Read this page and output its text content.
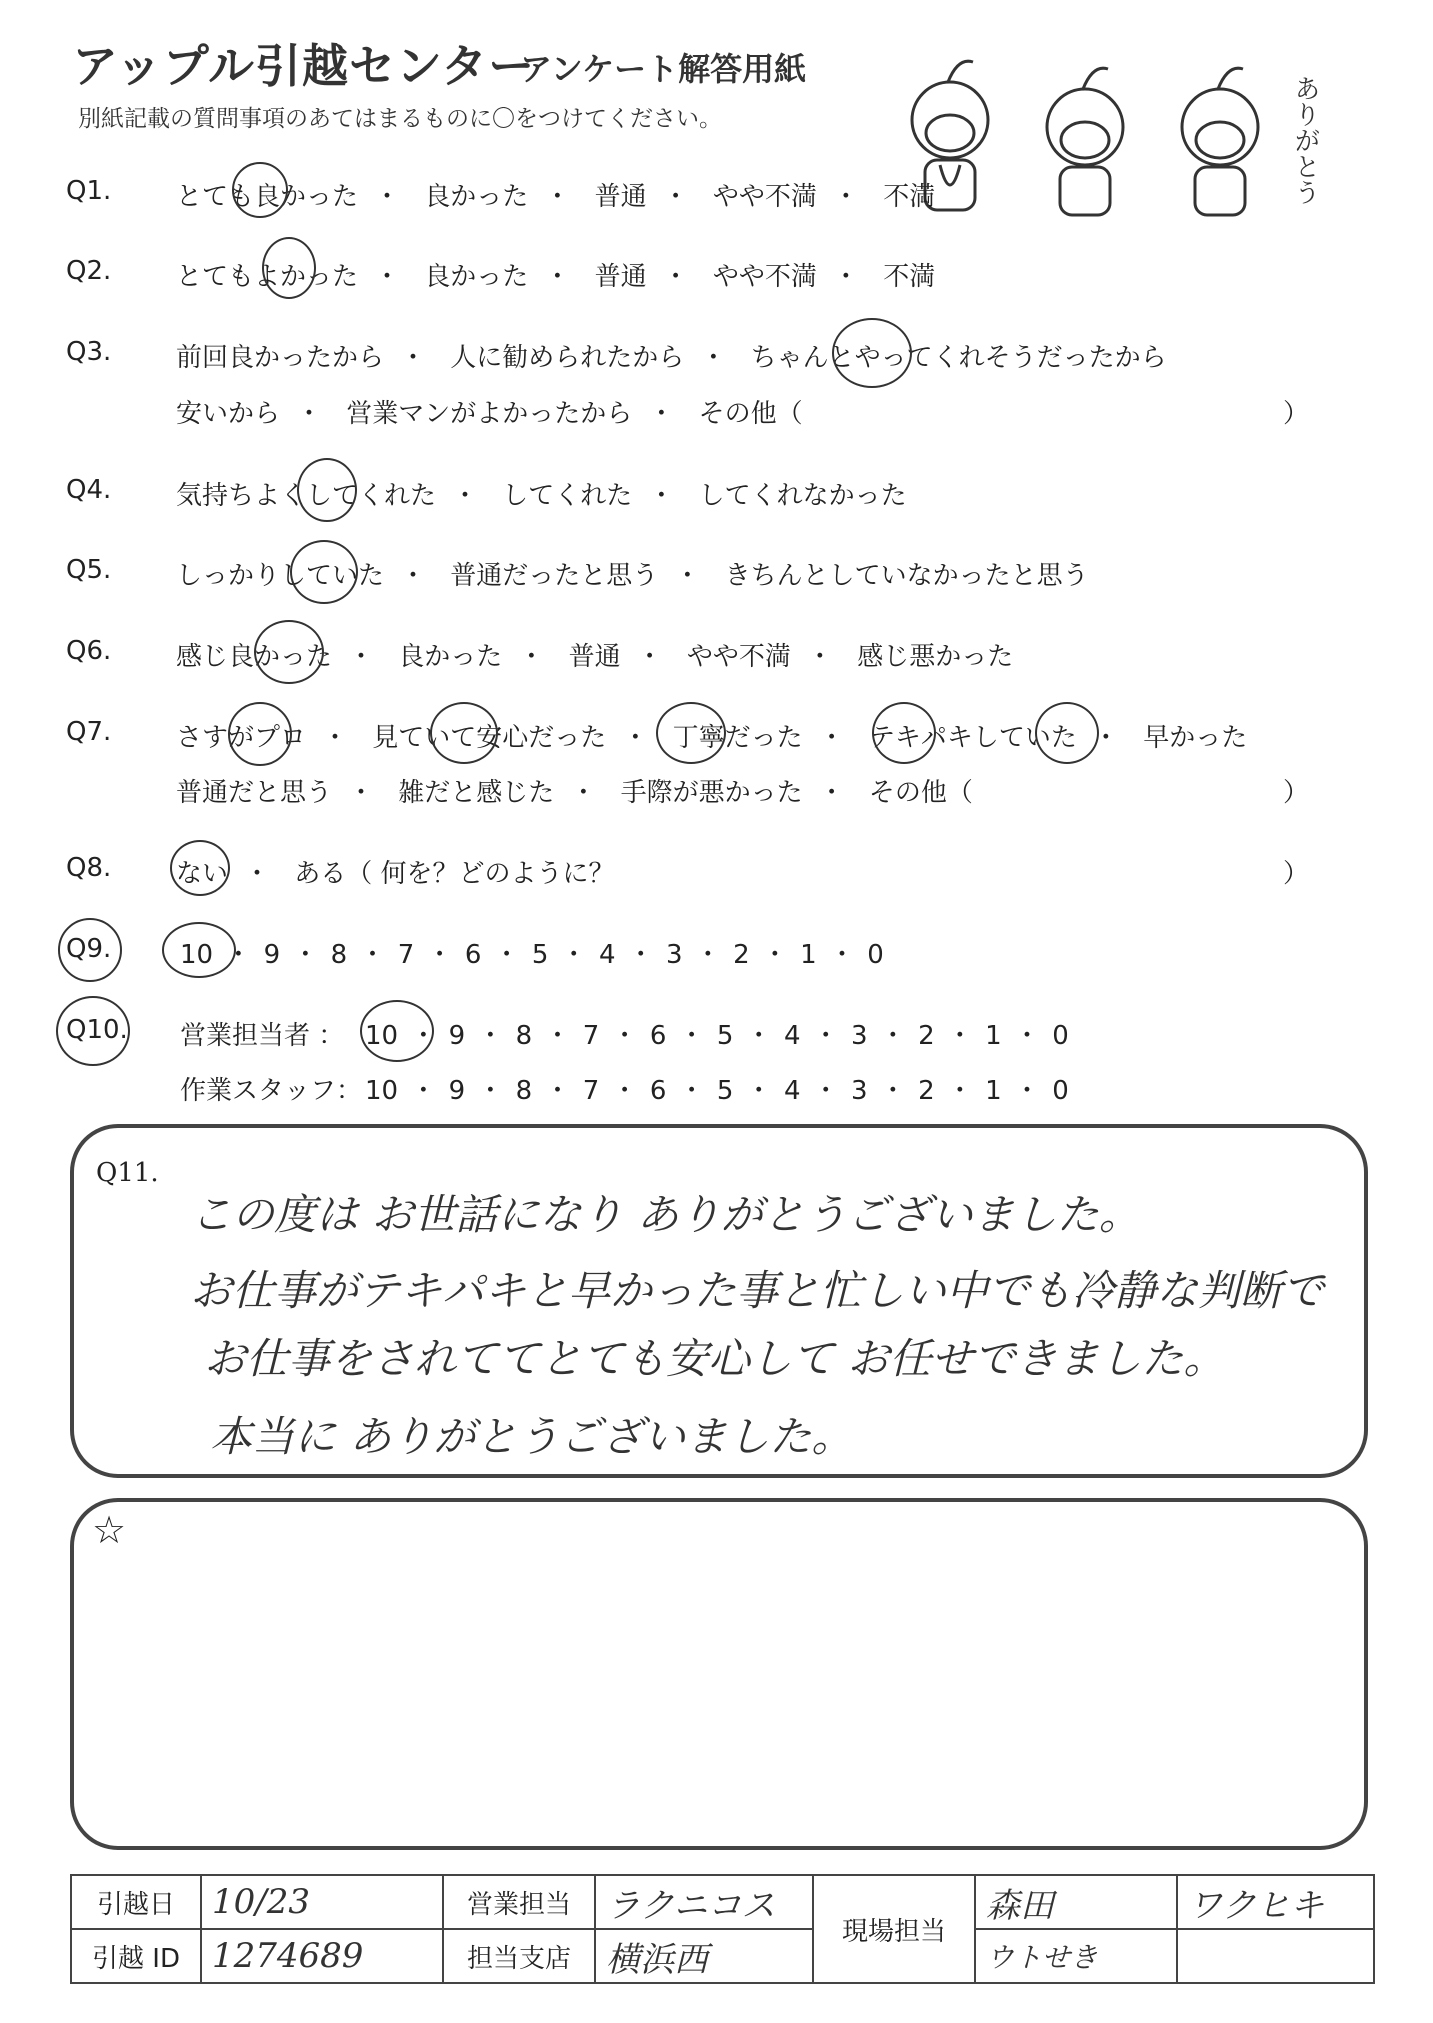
アップル引越センター
アンケート解答用紙
別紙記載の質問事項のあてはまるものに〇をつけてください。	ありがとう
Q1. とても良かった ・ 良かった ・ 普通 ・ やや不満 ・ 不満
Q2. とてもよかった ・ 良かった ・ 普通 ・ やや不満 ・ 不満
Q3. 前回良かったから ・ 人に勧められたから ・ ちゃんとやってくれそうだったから
安いから ・ 営業マンがよかったから ・ その他（	）
Q4. 気持ちよくしてくれた ・ してくれた ・ してくれなかった
Q5. しっかりしていた ・ 普通だったと思う ・ きちんとしていなかったと思う
Q6. 感じ良かった ・ 良かった ・ 普通 ・ やや不満 ・ 感じ悪かった
Q7. さすがプロ ・ 見ていて安心だった ・ 丁寧だった ・ テキパキしていた ・ 早かった
普通だと思う ・ 雑だと感じた ・ 手際が悪かった ・ その他（	）
Q8. ない ・ ある（ 何を？どのように？	）
Q9.	10 ・ 9 ・ 8 ・ 7 ・ 6 ・ 5 ・ 4 ・ 3 ・ 2 ・ 1 ・ 0
Q10. 営業担当者 ： 10 ・ 9 ・ 8 ・ 7 ・ 6 ・ 5 ・ 4 ・ 3 ・ 2 ・ 1 ・ 0
作業スタッフ： 10 ・ 9 ・ 8 ・ 7 ・ 6 ・ 5 ・ 4 ・ 3 ・ 2 ・ 1 ・ 0
Q11.
この度は お世話になり ありがとうございました。
お仕事がテキパキと早かった事と忙しい中でも冷静な判断で
お仕事をされててとても安心して お任せできました。
本当に ありがとうございました。
☆
引越日	10/23	営業担当	ラクニコス	現場担当	森田	ワクヒキ
引越 ID	1274689	担当支店	横浜西		ウトせき	
